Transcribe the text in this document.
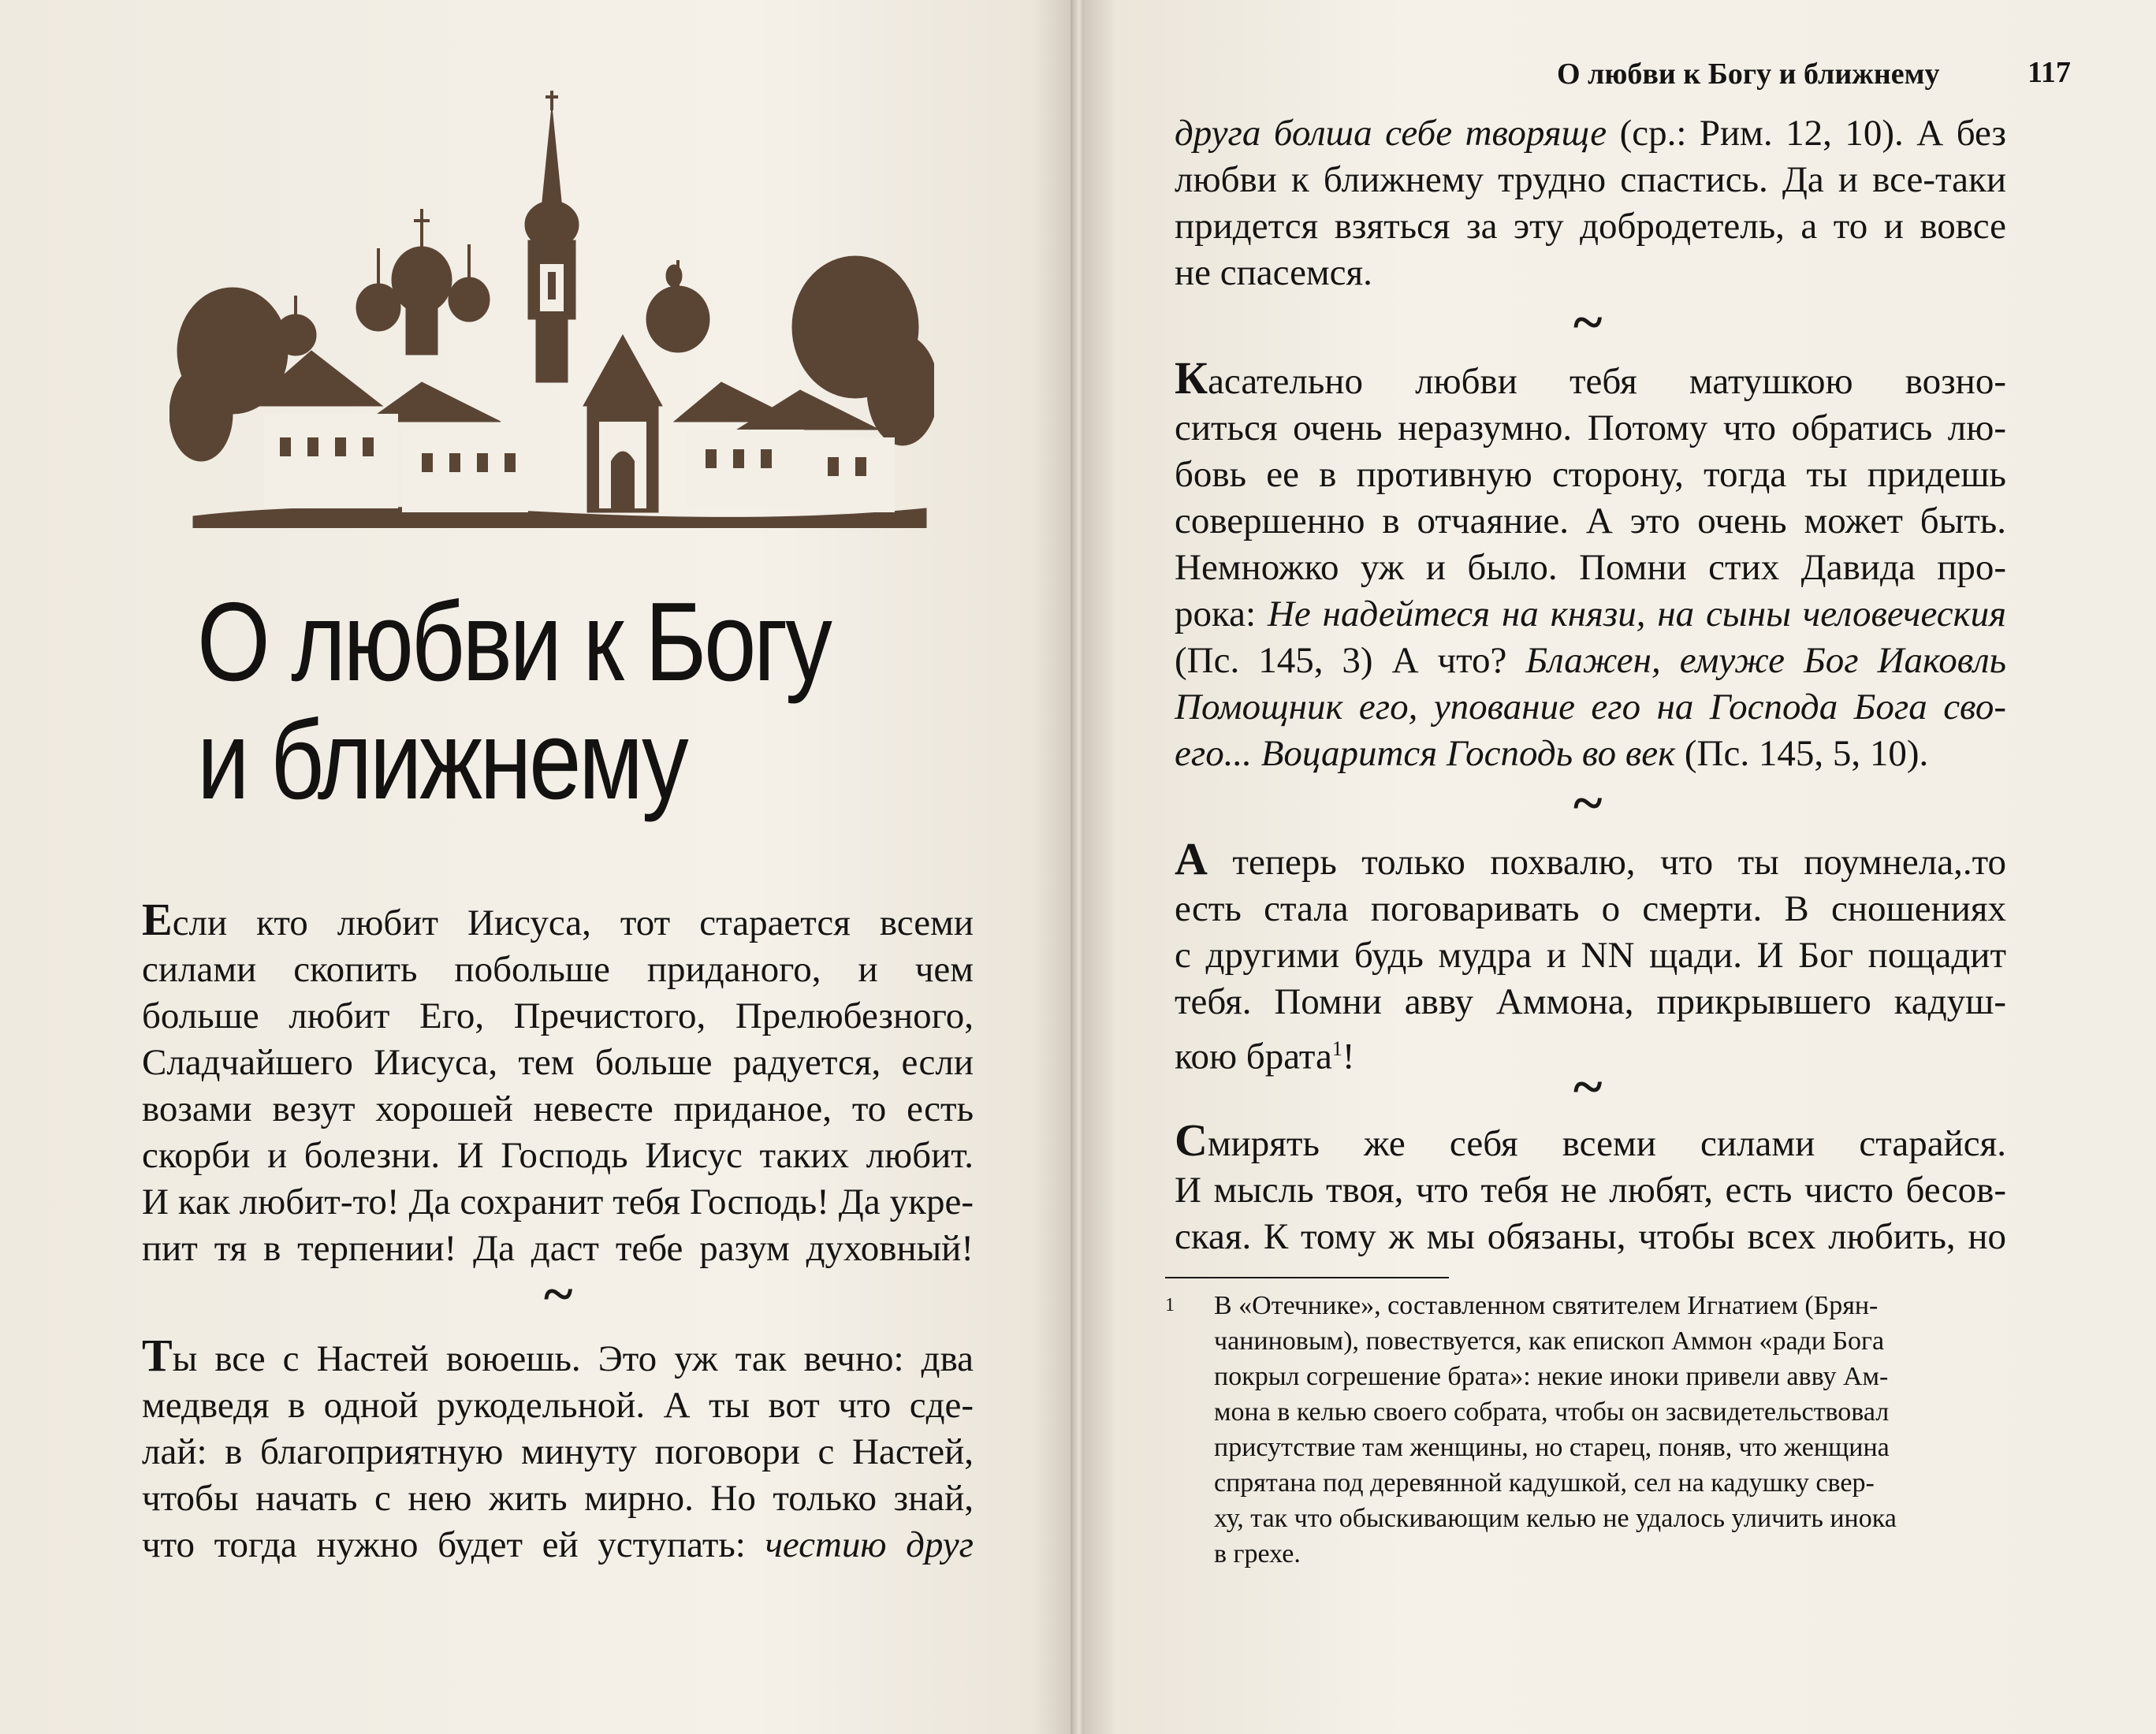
О любви к Богу
и ближнему
Если кто любит Иисуса, тот старается всеми
силами скопить побольше приданого, и чем
больше любит Его, Пречистого, Прелюбезного,
Сладчайшего Иисуса, тем больше радуется, если
возами везут хорошей невесте приданое, то есть
скорби и болезни. И Господь Иисус таких любит.
И как любит-то! Да сохранит тебя Господь! Да укре-
пит тя в терпении! Да даст тебе разум духовный!
~
Ты все с Настей воюешь. Это уж так вечно: два
медведя в одной рукодельной. А ты вот что сде-
лай: в благоприятную минуту поговори с Настей,
чтобы начать с нею жить мирно. Но только знай,
что тогда нужно будет ей уступать: честию друг
О любви к Богу и ближнему	117
друга болша себе творяще (ср.: Рим. 12, 10). А без
любви к ближнему трудно спастись. Да и все-таки
придется взяться за эту добродетель, а то и вовсе
не спасемся.
~
Касательно любви тебя матушкою возно-
ситься очень неразумно. Потому что обратись лю-
бовь ее в противную сторону, тогда ты придешь
совершенно в отчаяние. А это очень может быть.
Немножко уж и было. Помни стих Давида про-
рока: Не надейтеся на князи, на сыны человеческия
(Пс. 145, 3) А что? Блажен, емуже Бог Иаковль
Помощник его, упование его на Господа Бога сво-
его... Воцарится Господь во век (Пс. 145, 5, 10).
~
А теперь только похвалю, что ты поумнела,.то
есть стала поговаривать о смерти. В сношениях
с другими будь мудра и NN щади. И Бог пощадит
тебя. Помни авву Аммона, прикрывшего кадуш-
кою брата$^1$!
~
Смирять же себя всеми силами старайся.
И мысль твоя, что тебя не любят, есть чисто бесов-
ская. К тому ж мы обязаны, чтобы всех любить, но
1 В «Отечнике», составленном святителем Игнатием (Брян-
чаниновым), повествуется, как епископ Аммон «ради Бога
покрыл согрешение брата»: некие иноки привели авву Ам-
мона в келью своего собрата, чтобы он засвидетельствовал
присутствие там женщины, но старец, поняв, что женщина
спрятана под деревянной кадушкой, сел на кадушку свер-
ху, так что обыскивающим келью не удалось уличить инока
в грехе.
